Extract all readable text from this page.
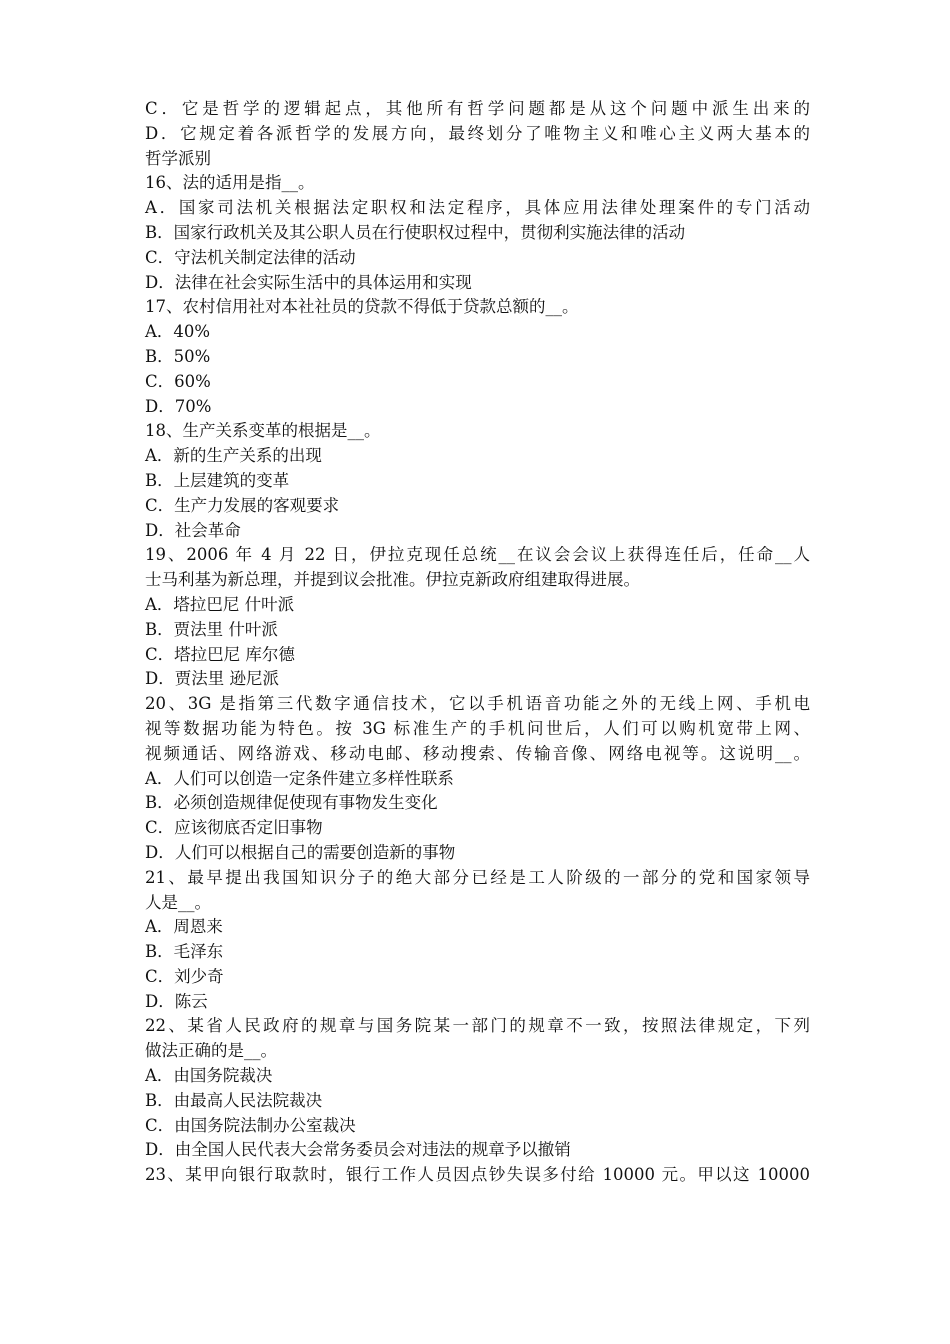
C．它是哲学的逻辑起点，其他所有哲学问题都是从这个问题中派生出来的
D．它规定着各派哲学的发展方向，最终划分了唯物主义和唯心主义两大基本的
哲学派别
16、法的适用是指__。
A．国家司法机关根据法定职权和法定程序，具体应用法律处理案件的专门活动
B．国家行政机关及其公职人员在行使职权过程中，贯彻利实施法律的活动
C．守法机关制定法律的活动
D．法律在社会实际生活中的具体运用和实现
17、农村信用社对本社社员的贷款不得低于贷款总额的__。
A．40%
B．50%
C．60%
D．70%
18、生产关系变革的根据是__。
A．新的生产关系的出现
B．上层建筑的变革
C．生产力发展的客观要求
D．社会革命
19、2006 年 4 月 22 日，伊拉克现任总统__在议会会议上获得连任后，任命__人
士马利基为新总理，并提到议会批准。伊拉克新政府组建取得进展。
A．塔拉巴尼 什叶派
B．贾法里 什叶派
C．塔拉巴尼 库尔德
D．贾法里 逊尼派
20、3G 是指第三代数字通信技术，它以手机语音功能之外的无线上网、手机电
视等数据功能为特色。按 3G 标准生产的手机问世后，人们可以购机宽带上网、
视频通话、网络游戏、移动电邮、移动搜索、传输音像、网络电视等。这说明__。
A．人们可以创造一定条件建立多样性联系
B．必须创造规律促使现有事物发生变化
C．应该彻底否定旧事物
D．人们可以根据自己的需要创造新的事物
21、最早提出我国知识分子的绝大部分已经是工人阶级的一部分的党和国家领导
人是__。
A．周恩来
B．毛泽东
C．刘少奇
D．陈云
22、某省人民政府的规章与国务院某一部门的规章不一致，按照法律规定，下列
做法正确的是__。
A．由国务院裁决
B．由最高人民法院裁决
C．由国务院法制办公室裁决
D．由全国人民代表大会常务委员会对违法的规章予以撤销
23、某甲向银行取款时，银行工作人员因点钞失误多付给 10000 元。甲以这 10000
